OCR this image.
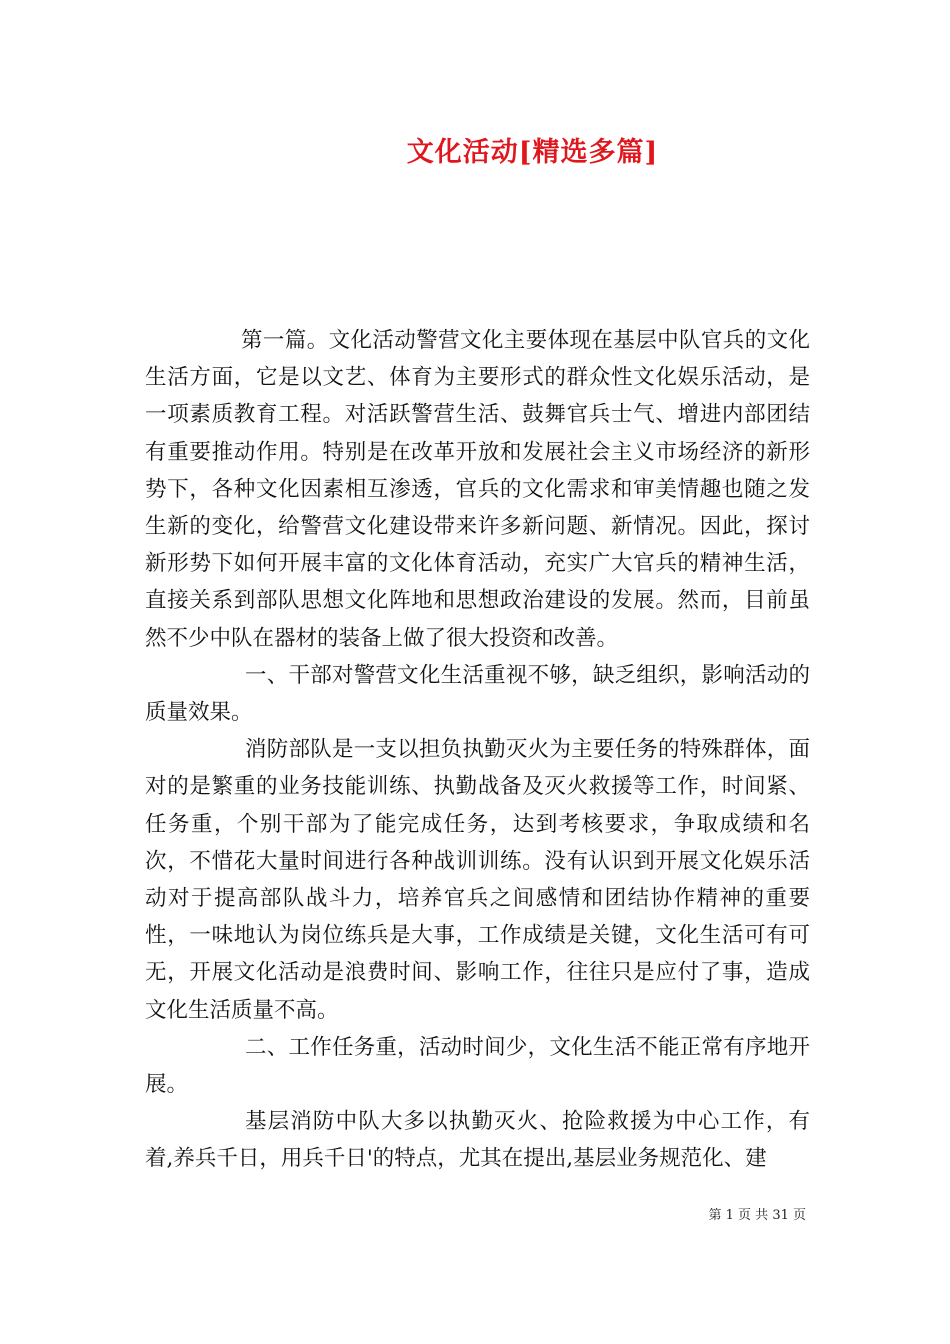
文化活动[精选多篇]

第一篇。文化活动警营文化主要体现在基层中队官兵的文化生活方面，它是以文艺、体育为主要形式的群众性文化娱乐活动，是一项素质教育工程。对活跃警营生活、鼓舞官兵士气、增进内部团结有重要推动作用。特别是在改革开放和发展社会主义市场经济的新形势下，各种文化因素相互渗透，官兵的文化需求和审美情趣也随之发生新的变化，给警营文化建设带来许多新问题、新情况。因此，探讨新形势下如何开展丰富的文化体育活动，充实广大官兵的精神生活，直接关系到部队思想文化阵地和思想政治建设的发展。然而，目前虽然不少中队在器材的装备上做了很大投资和改善。

一、干部对警营文化生活重视不够，缺乏组织，影响活动的质量效果。

消防部队是一支以担负执勤灭火为主要任务的特殊群体，面对的是繁重的业务技能训练、执勤战备及灭火救援等工作，时间紧、任务重，个别干部为了能完成任务，达到考核要求，争取成绩和名次，不惜花大量时间进行各种战训训练。没有认识到开展文化娱乐活动对于提高部队战斗力，培养官兵之间感情和团结协作精神的重要性，一味地认为岗位练兵是大事，工作成绩是关键，文化生活可有可无，开展文化活动是浪费时间、影响工作，往往只是应付了事，造成文化生活质量不高。

二、工作任务重，活动时间少，文化生活不能正常有序地开展。

基层消防中队大多以执勤灭火、抢险救援为中心工作，有着,养兵千日，用兵千日'的特点，尤其在提出,基层业务规范化、建

第 1 页 共 31 页
